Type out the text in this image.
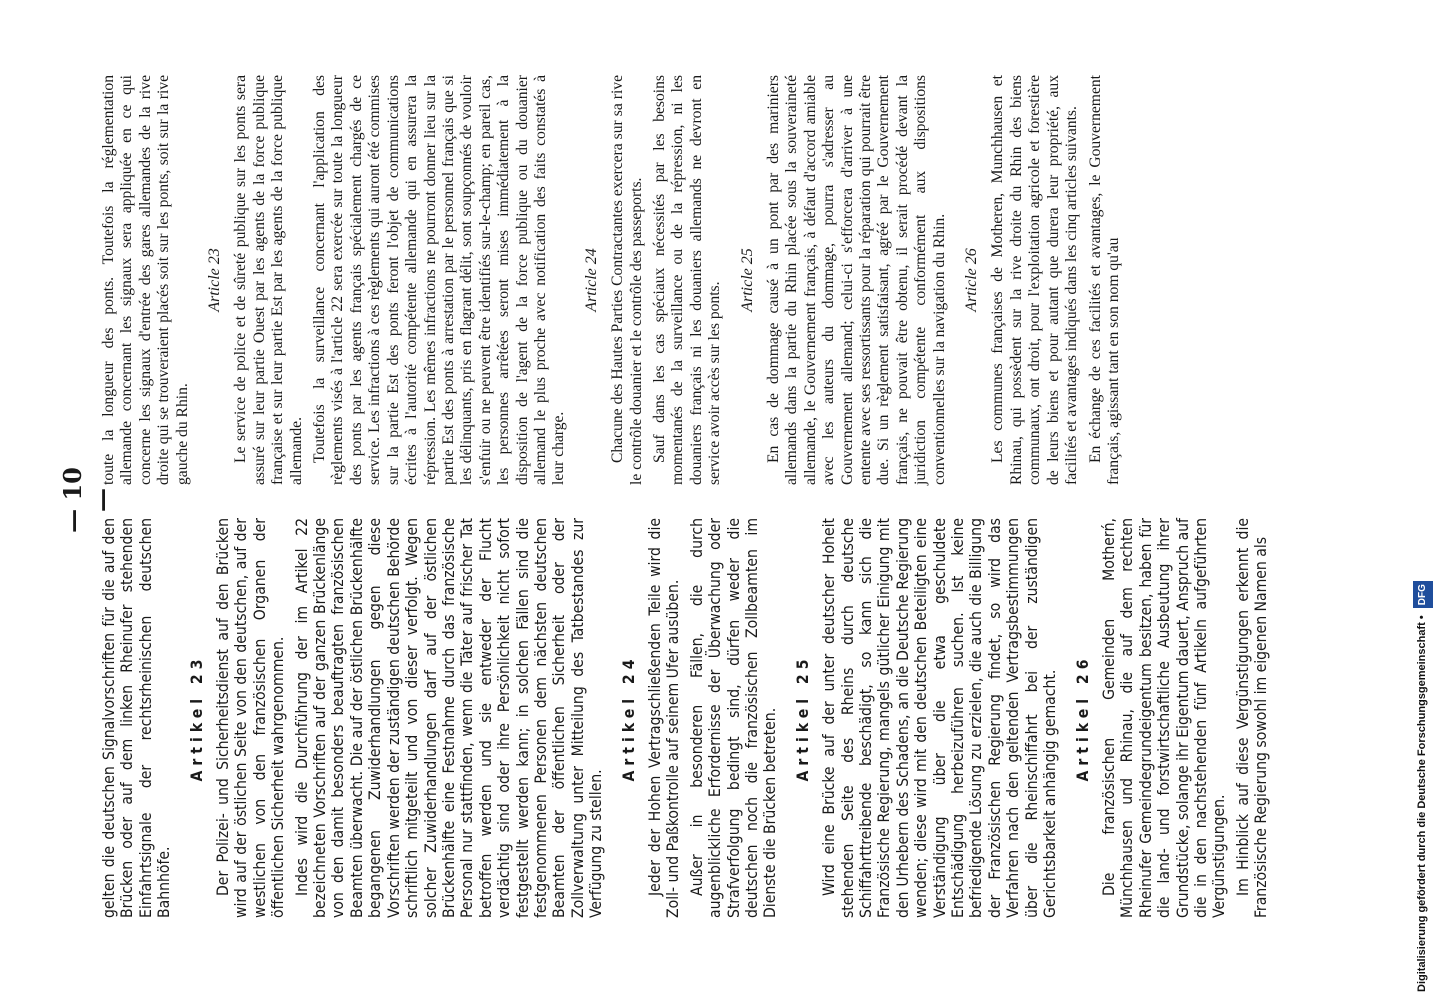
— 10 —

gelten die deutschen Signalvorschriften für die auf den Brücken oder auf dem linken Rheinufer stehenden Einfahrtsignale der rechtsrheinischen deutschen Bahnhöfe.

Artikel 23 Der Polizei- und Sicherheitsdienst auf den Brücken wird auf der östlichen Seite von den deutschen, auf der westlichen von den französischen Organen der öffentlichen Sicherheit wahrgenommen. Indes wird die Durchführung der im Artikel 22 bezeichneten Vorschriften auf der ganzen Brückenlänge von den damit besonders beauftragten französischen Beamten überwacht. Die auf der östlichen Brückenhälfte begangenen Zuwiderhandlungen gegen diese Vorschriften werden der zuständigen deutschen Behörde schriftlich mitgeteilt und von dieser verfolgt. Wegen solcher Zuwiderhandlungen darf auf der östlichen Brückenhälfte eine Festnahme durch das französische Personal nur stattfinden, wenn die Täter auf frischer Tat betroffen werden und sie entweder der Flucht verdächtig sind oder ihre Persönlichkeit nicht sofort festgestellt werden kann; in solchen Fällen sind die festgenommenen Personen dem nächsten deutschen Beamten der öffentlichen Sicherheit oder der Zollverwaltung unter Mitteilung des Tatbestandes zur Verfügung zu stellen.

Artikel 24 Jeder der Hohen Vertragschließenden Teile wird die Zoll- und Paßkontrolle auf seinem Ufer ausüben. Außer in besonderen Fällen, die durch augenblickliche Erfordernisse der Überwachung oder Strafverfolgung bedingt sind, dürfen weder die deutschen noch die französischen Zollbeamten im Dienste die Brücken betreten. Artikel 25 Wird eine Brücke auf der unter deutscher Hoheit stehenden Seite des Rheins durch deutsche Schiffahrttreibende beschädigt, so kann sich die Französische Regierung, mangels gütlicher Einigung mit den Urhebern des Schadens, an die Deutsche Regierung wenden; diese wird mit den deutschen Beteiligten eine Verständigung über die etwa geschuldete Entschädigung herbeizuführen suchen. Ist keine befriedigende Lösung zu erzielen, die auch die Billigung der Französischen Regierung findet, so wird das Verfahren nach den geltenden Vertragsbestimmungen über die Rheinschiffahrt bei der zuständigen Gerichtsbarkeit anhängig gemacht. Artikel 26 Die französischen Gemeinden Motherń, Münchhausen und Rhinau, die auf dem rechten Rheinufer Gemeindegrundeigentum besitzen, haben für die land- und forstwirtschaftliche Ausbeutung ihrer Grundstücke, solange ihr Eigentum dauert, Anspruch auf die in den nachstehenden fünf Artikeln aufgeführten Vergünstigungen. Im Hinblick auf diese Vergünstigungen erkennt die Französische Regierung sowohl im eigenen Namen als

toute la longueur des ponts. Toutefois la réglementation allemande concernant les signaux sera appliquée en ce qui concerne les signaux d'entrée des gares allemandes de la rive droite qui se trouveraient placés soit sur les ponts, soit sur la rive gauche du Rhin.

Article 23 Le service de police et de sûreté publique sur les ponts sera assuré sur leur partie Ouest par les agents de la force publique française et sur leur partie Est par les agents de la force publique allemande. Toutefois la surveillance concernant l'application des règlements visés à l'article 22 sera exercée sur toute la longueur des ponts par les agents français spécialement chargés de ce service. Les infractions à ces règlements qui auront été commises sur la partie Est des ponts feront l'objet de communications écrites à l'autorité compétente allemande qui en assurera la répression. Les mêmes infractions ne pourront donner lieu sur la partie Est des ponts à arrestation par le personnel français que si les délinquants, pris en flagrant délit, sont soupçonnés de vouloir s'enfuir ou ne peuvent être identifiés sur-le-champ; en pareil cas, les personnes arrêtées seront mises immédiatement à la disposition de l'agent de la force publique ou du douanier allemand le plus proche avec notification des faits constatés à leur charge.

Article 24 Chacune des Hautes Parties Contractantes exercera sur sa rive le contrôle douanier et le contrôle des passeports. Sauf dans les cas spéciaux nécessités par les besoins momentanés de la surveillance ou de la répression, ni les douaniers français ni les douaniers allemands ne devront en service avoir accès sur les ponts.

Article 25 En cas de dommage causé à un pont par des mariniers allemands dans la partie du Rhin placée sous la souveraineté allemande, le Gouvernement français, à défaut d'accord amiable avec les auteurs du dommage, pourra s'adresser au Gouvernement allemand; celui-ci s'efforcera d'arriver à une entente avec ses ressortissants pour la réparation qui pourrait être due. Si un règlement satisfaisant, agréé par le Gouvernement français, ne pouvait être obtenu, il serait procédé devant la juridiction compétente conformément aux dispositions conventionnelles sur la navigation du Rhin. Article 26 Les communes françaises de Motheren, Munchhausen et Rhinau, qui possèdent sur la rive droite du Rhin des biens communaux, ont droit, pour l'exploitation agricole et forestière de leurs biens et pour autant que durera leur propriété, aux facilités et avantages indiqués dans les cinq articles suivants. En échange de ces facilités et avantages, le Gouvernement français, agissant tant en son nom qu'au

Digitalisierung gefördert durch die Deutsche Forschungsgemeinschaft • DFG
